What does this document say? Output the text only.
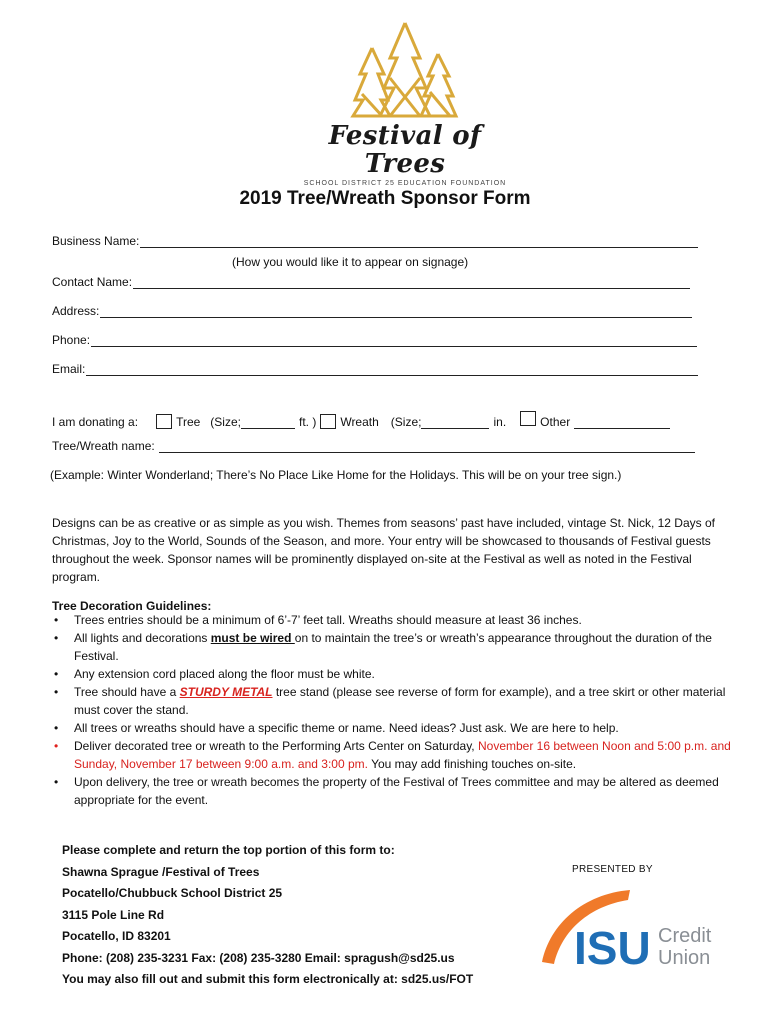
Festival of Trees
SCHOOL DISTRICT 25 EDUCATION FOUNDATION
2019 Tree/Wreath Sponsor Form
Business Name:
(How you would like it to appear on signage)
Contact Name:
Address:
Phone:
Email:
I am donating a:	Tree (Size;	ft. ) Wreath (Size;	in.	Other
Tree/Wreath name:
(Example: Winter Wonderland; There’s No Place Like Home for the Holidays. This will be on your tree sign.)
Designs can be as creative or as simple as you wish. Themes from seasons’ past have included, vintage St. Nick, 12 Days of Christmas, Joy to the World, Sounds of the Season, and more. Your entry will be showcased to thousands of Festival guests throughout the week. Sponsor names will be prominently displayed on-site at the Festival as well as noted in the Festival program.
Tree Decoration Guidelines:
• Trees entries should be a minimum of 6’-7’ feet tall. Wreaths should measure at least 36 inches.
• All lights and decorations must be wired on to maintain the tree’s or wreath’s appearance throughout the duration of the Festival.
• Any extension cord placed along the floor must be white.
• Tree should have a STURDY METAL tree stand (please see reverse of form for example), and a tree skirt or other material must cover the stand.
• All trees or wreaths should have a specific theme or name. Need ideas? Just ask. We are here to help.
• Deliver decorated tree or wreath to the Performing Arts Center on Saturday, November 16 between Noon and 5:00 p.m. and Sunday, November 17 between 9:00 a.m. and 3:00 pm. You may add finishing touches on-site.
• Upon delivery, the tree or wreath becomes the property of the Festival of Trees committee and may be altered as deemed appropriate for the event.
Please complete and return the top portion of this form to:
Shawna Sprague /Festival of Trees
Pocatello/Chubbuck School District 25
3115 Pole Line Rd
Pocatello, ID 83201
Phone: (208) 235-3231 Fax: (208) 235-3280 Email: spragush@sd25.us
You may also fill out and submit this form electronically at: sd25.us/FOT
PRESENTED BY
ISU Credit
Union
